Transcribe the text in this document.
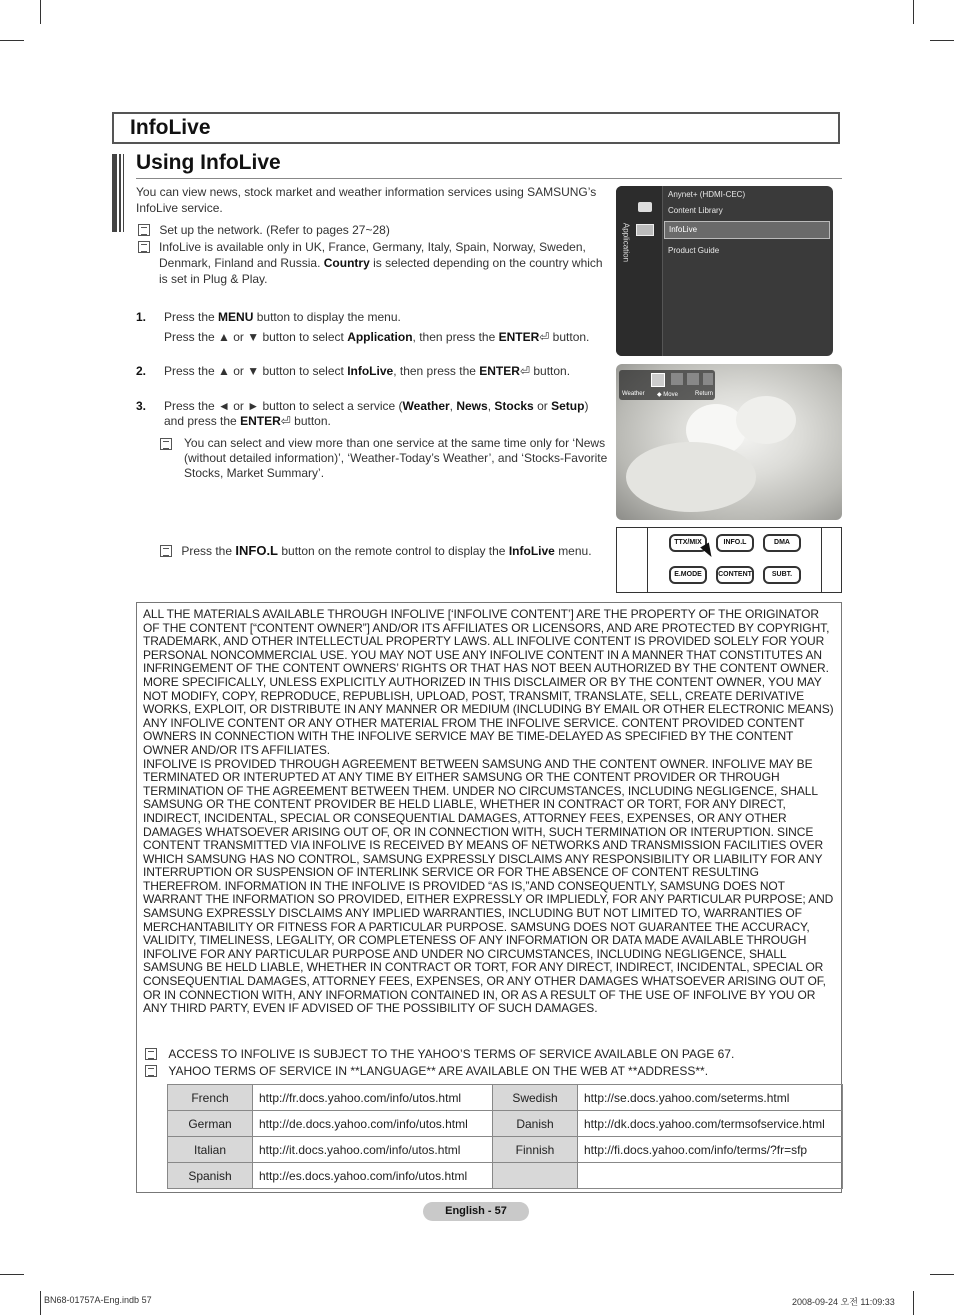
InfoLive
Using InfoLive
You can view news, stock market and weather information services using SAMSUNG’s InfoLive service.
Set up the network. (Refer to pages 27~28)
InfoLive is available only in UK, France, Germany, Italy, Spain, Norway, Sweden, Denmark, Finland and Russia. Country is selected depending on the country which is set in Plug & Play.
1. Press the MENU button to display the menu.
Press the ▲ or ▼ button to select Application, then press the ENTER⏎ button.
2. Press the ▲ or ▼ button to select InfoLive, then press the ENTER⏎ button.
3. Press the ◄ or ► button to select a service (Weather, News, Stocks or Setup)
and press the ENTER⏎ button.
You can select and view more than one service at the same time only for ‘News (without detailed information)’, ‘Weather-Today’s Weather’, and ‘Stocks-Favorite Stocks, Market Summary’.
Press the INFO.L button on the remote control to display the InfoLive menu.
Application
Anynet+ (HDMI-CEC)
Content Library
InfoLive
Product Guide
Weather ◆ Move	Return
TTX/MIX	INFO.L	DMA
E.MODE	CONTENT	SUBT.
ALL THE MATERIALS AVAILABLE THROUGH INFOLIVE [‘INFOLIVE CONTENT’] ARE THE PROPERTY OF THE ORIGINATOR OF THE CONTENT [“CONTENT OWNER”] AND/OR ITS AFFILIATES OR LICENSORS, AND ARE PROTECTED BY COPYRIGHT, TRADEMARK, AND OTHER INTELLECTUAL PROPERTY LAWS. ALL INFOLIVE CONTENT IS PROVIDED SOLELY FOR YOUR PERSONAL NONCOMMERCIAL USE. YOU MAY NOT USE ANY INFOLIVE CONTENT IN A MANNER THAT CONSTITUTES AN INFRINGEMENT OF THE CONTENT OWNERS’ RIGHTS OR THAT HAS NOT BEEN AUTHORIZED BY THE CONTENT OWNER. MORE SPECIFICALLY, UNLESS EXPLICITLY AUTHORIZED IN THIS DISCLAIMER OR BY THE CONTENT OWNER, YOU MAY NOT MODIFY, COPY, REPRODUCE, REPUBLISH, UPLOAD, POST, TRANSMIT, TRANSLATE, SELL, CREATE DERIVATIVE WORKS, EXPLOIT, OR DISTRIBUTE IN ANY MANNER OR MEDIUM (INCLUDING BY EMAIL OR OTHER ELECTRONIC MEANS) ANY INFOLIVE CONTENT OR ANY OTHER MATERIAL FROM THE INFOLIVE SERVICE. CONTENT PROVIDED CONTENT OWNERS IN CONNECTION WITH THE INFOLIVE SERVICE MAY BE TIME-DELAYED AS SPECIFIED BY THE CONTENT OWNER AND/OR ITS AFFILIATES.
INFOLIVE IS PROVIDED THROUGH AGREEMENT BETWEEN SAMSUNG AND THE CONTENT OWNER. INFOLIVE MAY BE TERMINATED OR INTERUPTED AT ANY TIME BY EITHER SAMSUNG OR THE CONTENT PROVIDER OR THROUGH TERMINATION OF THE AGREEMENT BETWEEN THEM. UNDER NO CIRCUMSTANCES, INCLUDING NEGLIGENCE, SHALL SAMSUNG OR THE CONTENT PROVIDER BE HELD LIABLE, WHETHER IN CONTRACT OR TORT, FOR ANY DIRECT, INDIRECT, INCIDENTAL, SPECIAL OR CONSEQUENTIAL DAMAGES, ATTORNEY FEES, EXPENSES, OR ANY OTHER DAMAGES WHATSOEVER ARISING OUT OF, OR IN CONNECTION WITH, SUCH TERMINATION OR INTERUPTION. SINCE CONTENT TRANSMITTED VIA INFOLIVE IS RECEIVED BY MEANS OF NETWORKS AND TRANSMISSION FACILITIES OVER WHICH SAMSUNG HAS NO CONTROL, SAMSUNG EXPRESSLY DISCLAIMS ANY RESPONSIBILITY OR LIABILITY FOR ANY INTERRUPTION OR SUSPENSION OF INTERLINK SERVICE OR FOR THE ABSENCE OF CONTENT RESULTING THEREFROM. INFORMATION IN THE INFOLIVE IS PROVIDED “AS IS,”AND CONSEQUENTLY, SAMSUNG DOES NOT WARRANT THE INFORMATION SO PROVIDED, EITHER EXPRESSLY OR IMPLIEDLY, FOR ANY PARTICULAR PURPOSE; AND SAMSUNG EXPRESSLY DISCLAIMS ANY IMPLIED WARRANTIES, INCLUDING BUT NOT LIMITED TO, WARRANTIES OF MERCHANTABILITY OR FITNESS FOR A PARTICULAR PURPOSE. SAMSUNG DOES NOT GUARANTEE THE ACCURACY, VALIDITY, TIMELINESS, LEGALITY, OR COMPLETENESS OF ANY INFORMATION OR DATA MADE AVAILABLE THROUGH INFOLIVE FOR ANY PARTICULAR PURPOSE AND UNDER NO CIRCUMSTANCES, INCLUDING NEGLIGENCE, SHALL SAMSUNG BE HELD LIABLE, WHETHER IN CONTRACT OR TORT, FOR ANY DIRECT, INDIRECT, INCIDENTAL, SPECIAL OR CONSEQUENTIAL DAMAGES, ATTORNEY FEES, EXPENSES, OR ANY OTHER DAMAGES WHATSOEVER ARISING OUT OF, OR IN CONNECTION WITH, ANY INFORMATION CONTAINED IN, OR AS A RESULT OF THE USE OF INFOLIVE BY YOU OR ANY THIRD PARTY, EVEN IF ADVISED OF THE POSSIBILITY OF SUCH DAMAGES.
ACCESS TO INFOLIVE IS SUBJECT TO THE YAHOO’S TERMS OF SERVICE AVAILABLE ON PAGE 67.
YAHOO TERMS OF SERVICE IN **LANGUAGE** ARE AVAILABLE ON THE WEB AT **ADDRESS**.
French	http://fr.docs.yahoo.com/info/utos.html	Swedish	http://se.docs.yahoo.com/seterms.html
German	http://de.docs.yahoo.com/info/utos.html	Danish	http://dk.docs.yahoo.com/termsofservice.html
Italian	http://it.docs.yahoo.com/info/utos.html	Finnish	http://fi.docs.yahoo.com/info/terms/?fr=sfp
Spanish	http://es.docs.yahoo.com/info/utos.html		
English - 57
BN68-01757A-Eng.indb 57	2008-09-24 오전 11:09:33
